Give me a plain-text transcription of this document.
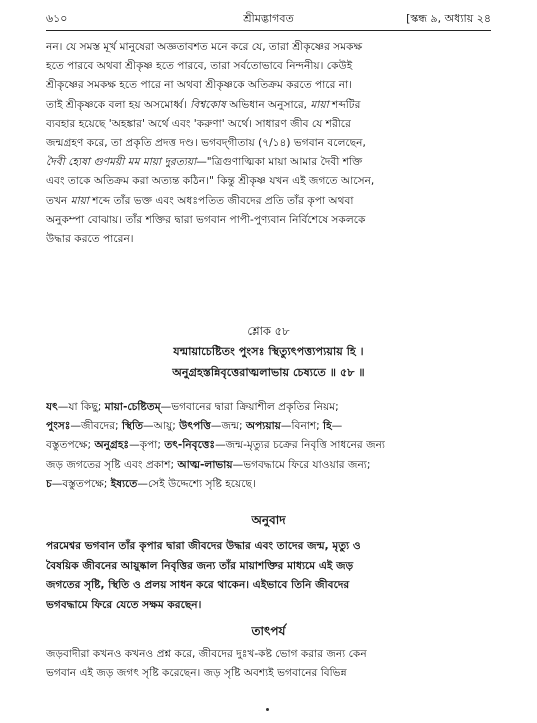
৬১০	শ্রীমদ্ভাগবত	[স্কন্ধ ৯, অধ্যায় ২৪
নন। যে সমস্ত মূর্খ মানুষেরা অজ্ঞতাবশত মনে করে যে, তারা শ্রীকৃষ্ণের সমকক্ষ
হতে পারবে অথবা শ্রীকৃষ্ণ হতে পারবে, তারা সর্বতোভাবে নিন্দনীয়। কেউই
শ্রীকৃষ্ণের সমকক্ষ হতে পারে না অথবা শ্রীকৃষ্ণকে অতিক্রম করতে পারে না।
তাই শ্রীকৃষ্ণকে বলা হয় অসমোর্ধ্ব। বিশ্বকোষ অভিধান অনুসারে, মায়া শব্দটির
ব্যবহার হয়েছে 'অহঙ্কার' অর্থে এবং 'করুণা' অর্থে। সাধারণ জীব যে শরীরে
জন্মগ্রহণ করে, তা প্রকৃতি প্রদত্ত দণ্ড। ভগবদ্‌গীতায় (৭/১৪) ভগবান বলেছেন,
দৈবী হ্যেষা গুণময়ী মম মায়া দুরত্যয়া—"ত্রিগুণাত্মিকা মায়া আমার দৈবী শক্তি
এবং তাকে অতিক্রম করা অত্যন্ত কঠিন।" কিন্তু শ্রীকৃষ্ণ যখন এই জগতে আসেন,
তখন মায়া শব্দে তাঁর ভক্ত এবং অধঃপতিত জীবদের প্রতি তাঁর কৃপা অথবা
অনুকম্পা বোঝায়। তাঁর শক্তির দ্বারা ভগবান পাপী-পুণ্যবান নির্বিশেষে সকলকে
উদ্ধার করতে পারেন।
শ্লোক ৫৮
যন্মায়াচেষ্টিতং পুংসঃ স্থিত্যুৎপত্ত্যপ্যয়ায় হি ।
অনুগ্রহস্তন্নিবৃত্তেরাত্মলাভায় চেষ্যতে ॥ ৫৮ ॥
যৎ—যা কিছু; মায়া-চেষ্টিতম্‌—ভগবানের দ্বারা ক্রিয়াশীল প্রকৃতির নিয়ম;
পুংসঃ—জীবদের; স্থিতি—আয়ু; উৎপত্তি—জন্ম; অপ্যয়ায়—বিনাশ; হি—
বস্তুতপক্ষে; অনুগ্রহঃ—কৃপা; তৎ-নিবৃত্তেঃ—জন্ম-মৃত্যুর চক্রের নিবৃত্তি সাধনের জন্য
জড় জগতের সৃষ্টি এবং প্রকাশ; আত্ম-লাভায়—ভগবদ্ধামে ফিরে যাওয়ার জন্য;
চ—বস্তুতপক্ষে; ইষ্যতে—সেই উদ্দেশ্যে সৃষ্টি হয়েছে।
অনুবাদ
পরমেশ্বর ভগবান তাঁর কৃপার দ্বারা জীবদের উদ্ধার এবং তাদের জন্ম, মৃত্যু ও
বৈষয়িক জীবনের আয়ুষ্কাল নিবৃত্তির জন্য তাঁর মায়াশক্তির মাধ্যমে এই জড়
জগতের সৃষ্টি, স্থিতি ও প্রলয় সাধন করে থাকেন। এইভাবে তিনি জীবদের
ভগবদ্ধামে ফিরে যেতে সক্ষম করছেন।
তাৎপর্য
জড়বাদীরা কখনও কখনও প্রশ্ন করে, জীবদের দুঃখ-কষ্ট ভোগ করার জন্য কেন
ভগবান এই জড় জগৎ সৃষ্টি করেছেন। জড় সৃষ্টি অবশ্যই ভগবানের বিভিন্ন
